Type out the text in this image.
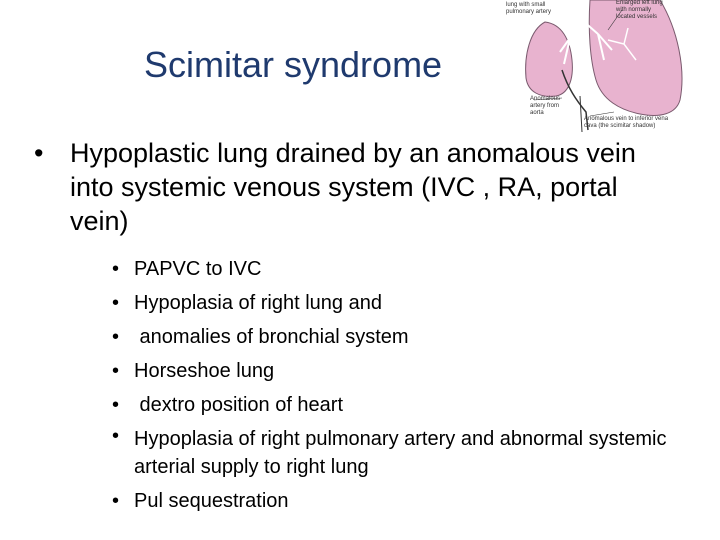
Scimitar syndrome
lung with small pulmonary artery
Enlarged left lung with normally located vessels
Anomalous artery from aorta
Anomalous vein to inferior vena cava (the scimitar shadow)
• Hypoplastic lung drained by an anomalous vein into systemic venous system (IVC , RA, portal vein)
• PAPVC to IVC
• Hypoplasia of right lung and
• anomalies of bronchial system
• Horseshoe lung
• dextro position of heart
• Hypoplasia of right pulmonary artery and abnormal systemic arterial supply to right lung
• Pul sequestration
